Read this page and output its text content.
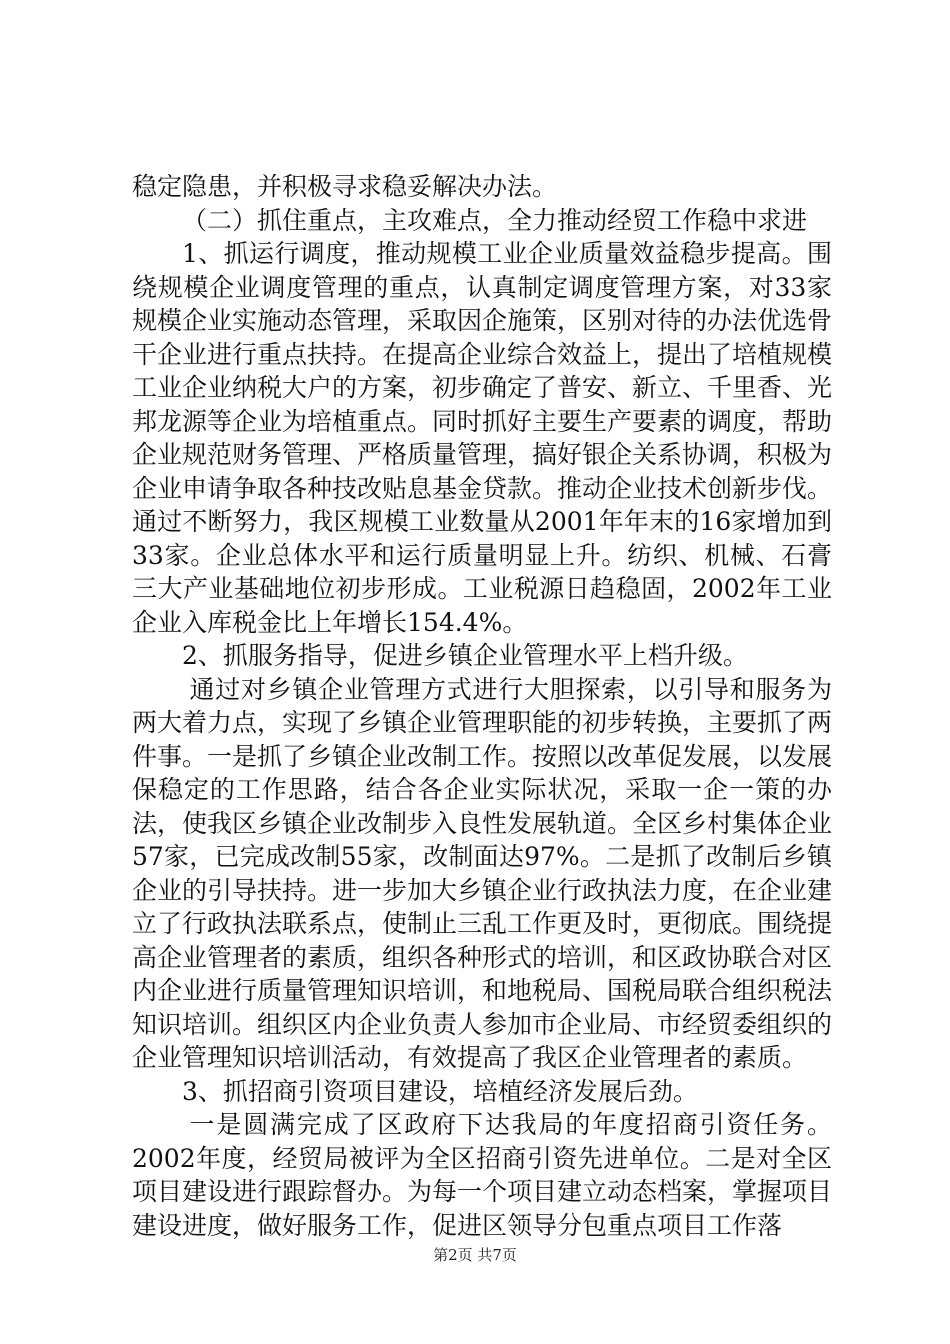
稳定隐患，并积极寻求稳妥解决办法。

（二）抓住重点，主攻难点，全力推动经贸工作稳中求进

1、抓运行调度，推动规模工业企业质量效益稳步提高。围绕规模企业调度管理的重点，认真制定调度管理方案，对33家规模企业实施动态管理，采取因企施策，区别对待的办法优选骨干企业进行重点扶持。在提高企业综合效益上，提出了培植规模工业企业纳税大户的方案，初步确定了普安、新立、千里香、光邦龙源等企业为培植重点。同时抓好主要生产要素的调度，帮助企业规范财务管理、严格质量管理，搞好银企关系协调，积极为企业申请争取各种技改贴息基金贷款。推动企业技术创新步伐。通过不断努力，我区规模工业数量从2001年年末的16家增加到33家。企业总体水平和运行质量明显上升。纺织、机械、石膏三大产业基础地位初步形成。工业税源日趋稳固，2002年工业企业入库税金比上年增长154.4%。

2、抓服务指导，促进乡镇企业管理水平上档升级。

通过对乡镇企业管理方式进行大胆探索，以引导和服务为两大着力点，实现了乡镇企业管理职能的初步转换，主要抓了两件事。一是抓了乡镇企业改制工作。按照以改革促发展，以发展保稳定的工作思路，结合各企业实际状况，采取一企一策的办法，使我区乡镇企业改制步入良性发展轨道。全区乡村集体企业57家，已完成改制55家，改制面达97%。二是抓了改制后乡镇企业的引导扶持。进一步加大乡镇企业行政执法力度，在企业建立了行政执法联系点，使制止三乱工作更及时，更彻底。围绕提高企业管理者的素质，组织各种形式的培训，和区政协联合对区内企业进行质量管理知识培训，和地税局、国税局联合组织税法知识培训。组织区内企业负责人参加市企业局、市经贸委组织的企业管理知识培训活动，有效提高了我区企业管理者的素质。

3、抓招商引资项目建设，培植经济发展后劲。

一是圆满完成了区政府下达我局的年度招商引资任务。2002年度，经贸局被评为全区招商引资先进单位。二是对全区项目建设进行跟踪督办。为每一个项目建立动态档案，掌握项目建设进度，做好服务工作，促进区领导分包重点项目工作落

第2页 共7页
